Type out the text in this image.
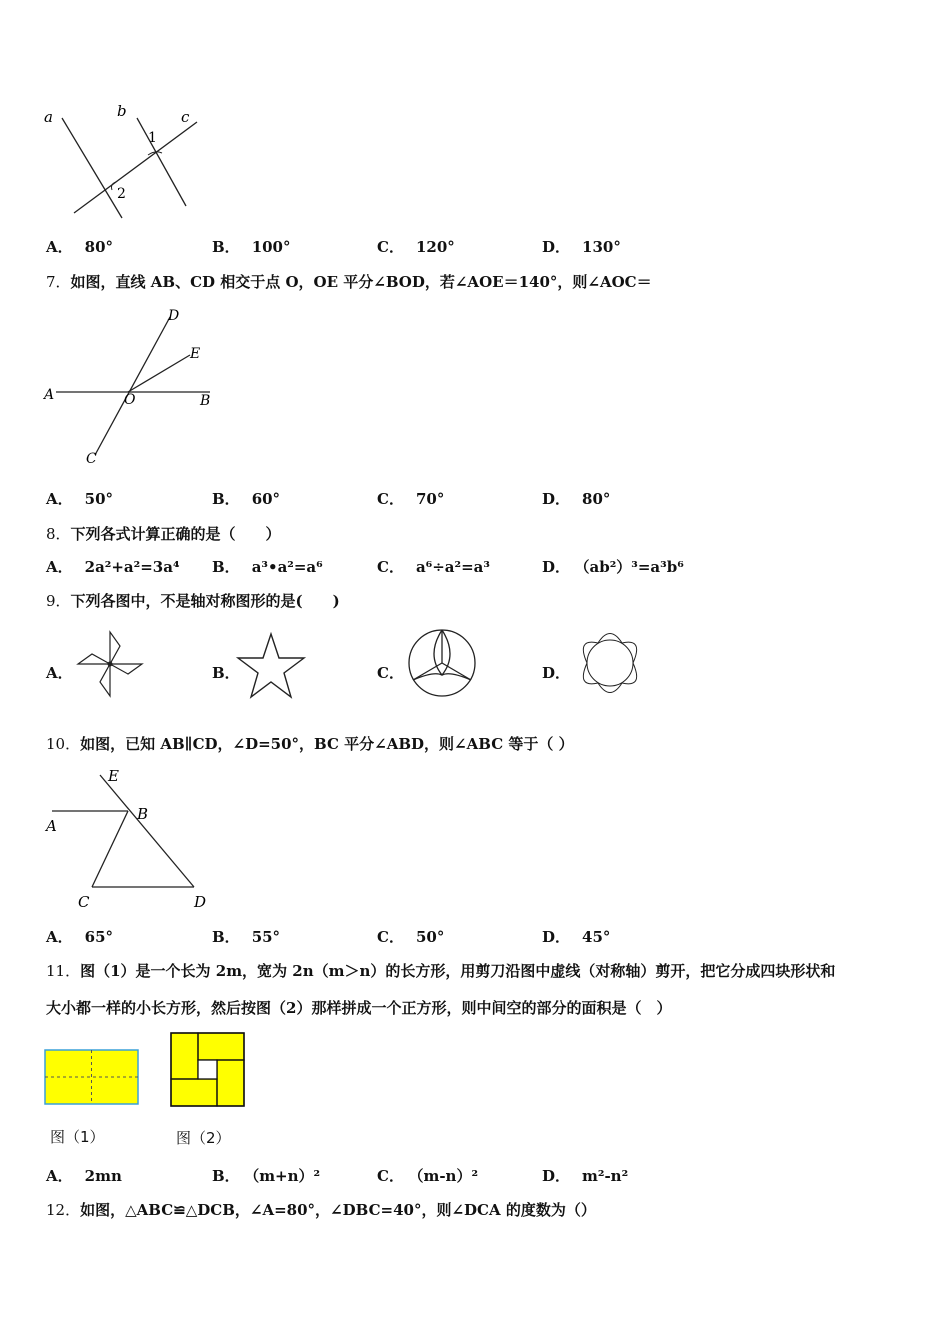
a	b	c
1
2
A． 80°	B． 100°	C． 120°	D． 130°
7．如图，直线 AB、CD 相交于点 O，OE 平分∠BOD，若∠AOE＝140°，则∠AOC＝
A	B
C
D
E
O
A． 50°	B． 60°	C． 70°	D． 80°
8．下列各式计算正确的是（　　）
A． 2a²+a²=3a⁴ B． a³•a²=a⁶	C． a⁶÷a²=a³	D． （ab²）³=a³b⁶
9．下列各图中，不是轴对称图形的是(　　)
A．	B．	C．	D．
10．如图，已知 AB∥CD，∠D=50°，BC 平分∠ABD，则∠ABC 等于（ ）
A
B
C	D
E
A． 65°	B． 55°	C． 50°	D． 45°
11．图（1）是一个长为 2m，宽为 2n（m＞n）的长方形，用剪刀沿图中虚线（对称轴）剪开，把它分成四块形状和
大小都一样的小长方形，然后按图（2）那样拼成一个正方形，则中间空的部分的面积是（　）
图（1）	图（2）
A． 2mn	B． （m+n）²	C． （m-n）²	D． m²-n²
12．如图，△ABC≌△DCB，∠A=80°，∠DBC=40°，则∠DCA 的度数为（）
